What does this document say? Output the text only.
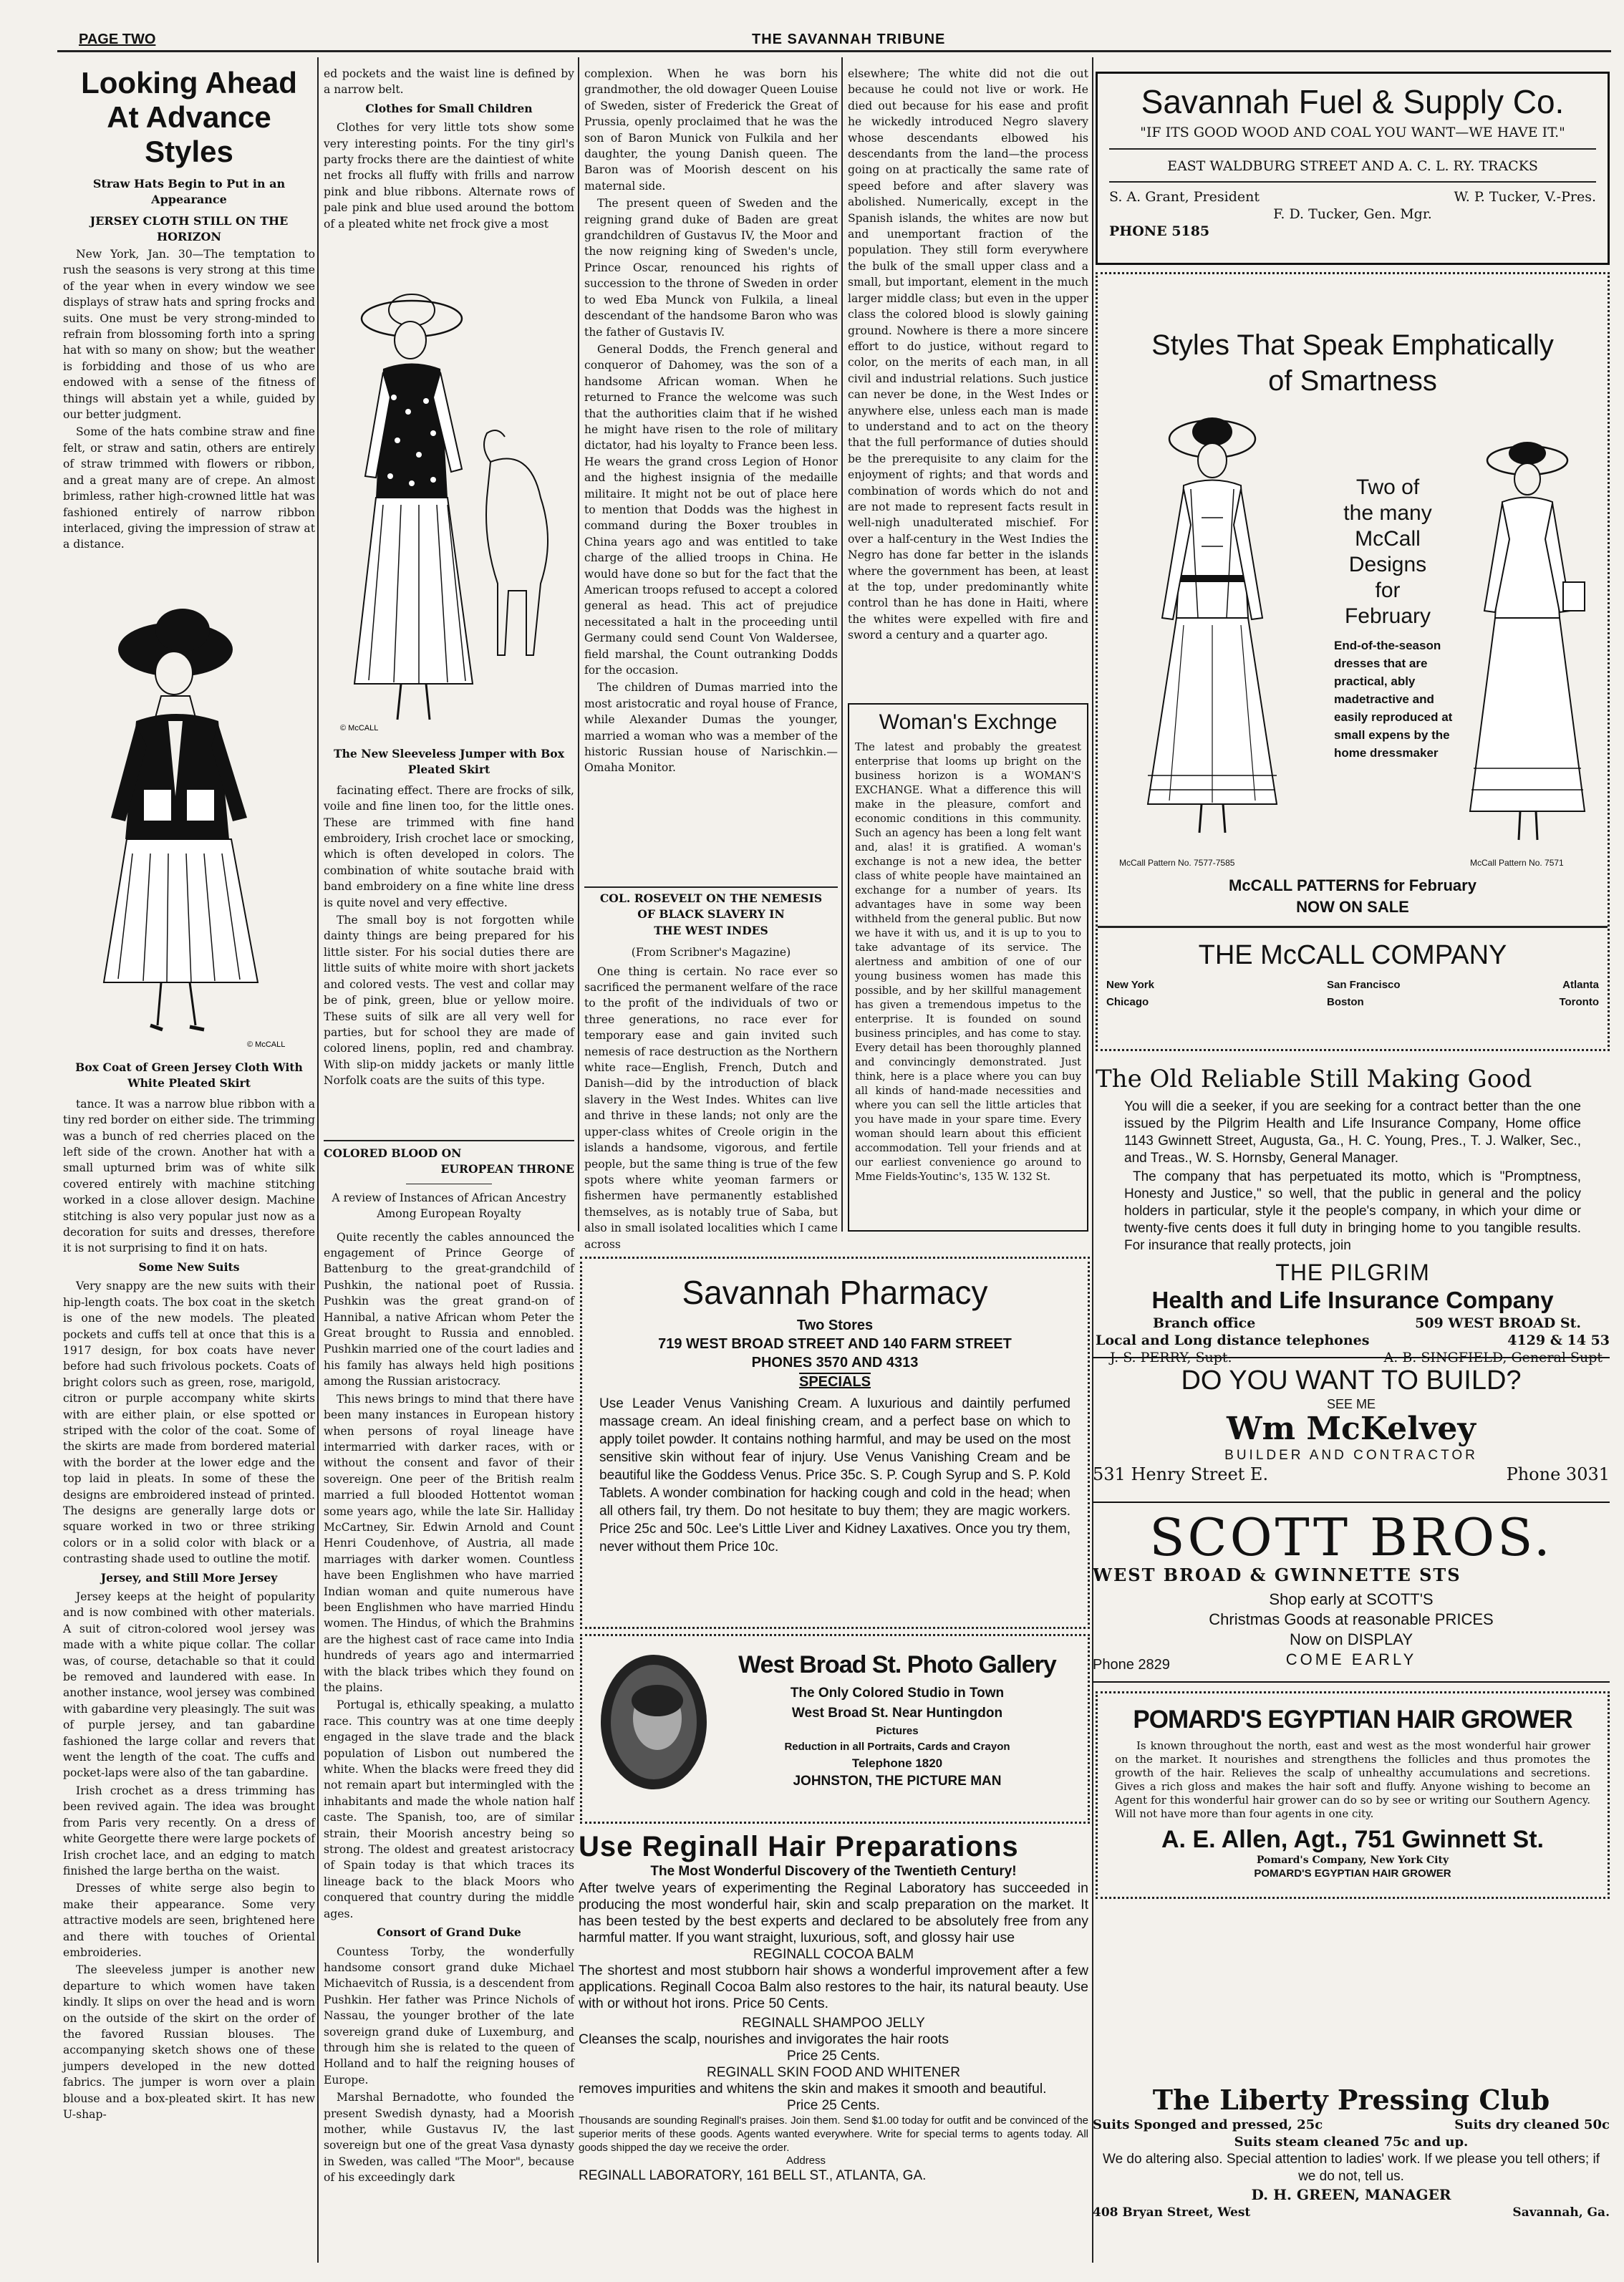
PAGE TWO	THE SAVANNAH TRIBUNE
Looking Ahead At Advance Styles
Straw Hats Begin to Put in an Appearance
JERSEY CLOTH STILL ON THE HORIZON

New York, Jan. 30—The temptation to rush the seasons is very strong at this time of the year when in every window we see displays of straw hats and spring frocks and suits. One must be very strong-minded to refrain from blossoming forth into a spring hat with so many on show; but the weather is forbidding and those of us who are endowed with a sense of the fitness of things will abstain yet a while, guided by our better judgment.

Some of the hats combine straw and fine felt, or straw and satin, others are entirely of straw trimmed with flowers or ribbon, and a great many are of crepe. An almost brimless, rather high-crowned little hat was fashioned entirely of narrow ribbon interlaced, giving the impression of straw at a distance.

© McCALL
Box Coat of Green Jersey Cloth With White Pleated Skirt

tance. It was a narrow blue ribbon with a tiny red border on either side. The trimming was a bunch of red cherries placed on the left side of the crown. Another hat with a small upturned brim was of white silk covered entirely with machine stitching worked in a close allover design. Machine stitching is also very popular just now as a decoration for suits and dresses, therefore it is not surprising to find it on hats.

Some New Suits

Very snappy are the new suits with their hip-length coats. The box coat in the sketch is one of the new models. The pleated pockets and cuffs tell at once that this is a 1917 design, for box coats have never before had such frivolous pockets. Coats of bright colors such as green, rose, marigold, citron or purple accompany white skirts with are either plain, or else spotted or striped with the color of the coat. Some of the skirts are made from bordered material with the border at the lower edge and the top laid in pleats. In some of these the designs are embroidered instead of printed. The designs are generally large dots or square worked in two or three striking colors or in a solid color with black or a contrasting shade used to outline the motif.

Jersey, and Still More Jersey

Jersey keeps at the height of popularity and is now combined with other materials. A suit of citron-colored wool jersey was made with a white pique collar. The collar was, of course, detachable so that it could be removed and laundered with ease. In another instance, wool jersey was combined with gabardine very pleasingly. The suit was of purple jersey, and tan gabardine fashioned the large collar and revers that went the length of the coat. The cuffs and pocket-laps were also of the tan gabardine.

Irish crochet as a dress trimming has been revived again. The idea was brought from Paris very recently. On a dress of white Georgette there were large pockets of Irish crochet lace, and an edging to match finished the large bertha on the waist.

Dresses of white serge also begin to make their appearance. Some very attractive models are seen, brightened here and there with touches of Oriental embroideries.

The sleeveless jumper is another new departure to which women have taken kindly. It slips on over the head and is worn on the outside of the skirt on the order of the favored Russian blouses. The accompanying sketch shows one of these jumpers developed in the new dotted fabrics. The jumper is worn over a plain blouse and a box-pleated skirt. It has new U-shap-

ed pockets and the waist line is defined by a narrow belt.

Clothes for Small Children

Clothes for very little tots show some very interesting points. For the tiny girl's party frocks there are the daintiest of white net frocks all fluffy with frills and narrow pink and blue ribbons. Alternate rows of pale pink and blue used around the bottom of a pleated white net frock give a most

© McCALL
The New Sleeveless Jumper with Box Pleated Skirt

facinating effect. There are frocks of silk, voile and fine linen too, for the little ones. These are trimmed with fine hand embroidery, Irish crochet lace or smocking, which is often developed in colors. The combination of white soutache braid with band embroidery on a fine white line dress is quite novel and very effective.

The small boy is not forgotten while dainty things are being prepared for his little sister. For his social duties there are little suits of white moire with short jackets and colored vests. The vest and collar may be of pink, green, blue or yellow moire. These suits of silk are all very well for parties, but for school they are made of colored linens, poplin, red and chambray. With slip-on middy jackets or manly little Norfolk coats are the suits of this type.

COLORED BLOOD ON
EUROPEAN THRONE
A review of Instances of African Ancestry Among European Royalty

Quite recently the cables announced the engagement of Prince George of Battenburg to the great-grandchild of Pushkin, the national poet of Russia. Pushkin was the great grand-on of Hannibal, a native African whom Peter the Great brought to Russia and ennobled. Pushkin married one of the court ladies and his family has always held high positions among the Russian aristocracy.

This news brings to mind that there have been many instances in European history when persons of royal lineage have intermarried with darker races, with or without the consent and favor of their sovereign. One peer of the British realm married a full blooded Hottentot woman some years ago, while the late Sir. Halliday McCartney, Sir. Edwin Arnold and Count Henri Coudenhove, of Austria, all made marriages with darker women. Countless have been Englishmen who have married Indian woman and quite numerous have been Englishmen who have married Hindu women. The Hindus, of which the Brahmins are the highest cast of race came into India hundreds of years ago and intermarried with the black tribes which they found on the plains.

Portugal is, ethically speaking, a mulatto race. This country was at one time deeply engaged in the slave trade and the black population of Lisbon out numbered the white. When the blacks were freed they did not remain apart but intermingled with the inhabitants and made the whole nation half caste. The Spanish, too, are of similar strain, their Moorish ancestry being so strong. The oldest and greatest aristocracy of Spain today is that which traces its lineage back to the black Moors who conquered that country during the middle ages.

Consort of Grand Duke

Countess Torby, the wonderfully handsome consort grand duke Michael Michaevitch of Russia, is a descendent from Pushkin. Her father was Prince Nichols of Nassau, the younger brother of the late sovereign grand duke of Luxemburg, and through him she is related to the queen of Holland and to half the reigning houses of Europe.

Marshal Bernadotte, who founded the present Swedish dynasty, had a Moorish mother, while Gustavus IV, the last sovereign but one of the great Vasa dynasty in Sweden, was called "The Moor", because of his exceedingly dark

complexion. When he was born his grandmother, the old dowager Queen Louise of Sweden, sister of Frederick the Great of Prussia, openly proclaimed that he was the son of Baron Munick von Fulkila and her daughter, the young Danish queen. The Baron was of Moorish descent on his maternal side.

The present queen of Sweden and the reigning grand duke of Baden are great grandchildren of Gustavus IV, the Moor and the now reigning king of Sweden's uncle, Prince Oscar, renounced his rights of succession to the throne of Sweden in order to wed Eba Munck von Fulkila, a lineal descendant of the handsome Baron who was the father of Gustavis IV.

General Dodds, the French general and conqueror of Dahomey, was the son of a handsome African woman. When he returned to France the welcome was such that the authorities claim that if he wished he might have risen to the role of military dictator, had his loyalty to France been less. He wears the grand cross Legion of Honor and the highest insignia of the medaille militaire. It might not be out of place here to mention that Dodds was the highest in command during the Boxer troubles in China years ago and was entitled to take charge of the allied troops in China. He would have done so but for the fact that the American troops refused to accept a colored general as head. This act of prejudice necessitated a halt in the proceeding until Germany could send Count Von Waldersee, field marshal, the Count outranking Dodds for the occasion.

The children of Dumas married into the most aristocratic and royal house of France, while Alexander Dumas the younger, married a woman who was a member of the historic Russian house of Narischkin.—Omaha Monitor.

COL. ROSEVELT ON THE NEMESIS
OF BLACK SLAVERY IN
THE WEST INDES
(From Scribner's Magazine)

One thing is certain. No race ever so sacrificed the permanent welfare of the race to the profit of the individuals of two or three generations, no race ever for temporary ease and gain invited such nemesis of race destruction as the Northern white race—English, French, Dutch and Danish—did by the introduction of black slavery in the West Indes. Whites can live and thrive in these lands; not only are the upper-class whites of Creole origin in the islands a handsome, vigorous, and fertile people, but the same thing is true of the few spots where white yeoman farmers or fishermen have permanently established themselves, as is notably true of Saba, but also in small isolated localities which I came across

elsewhere; The white did not die out because he could not live or work. He died out because for his ease and profit he wickedly introduced Negro slavery whose descendants elbowed his descendants from the land—the process going on at practically the same rate of speed before and after slavery was abolished. Numerically, except in the Spanish islands, the whites are now but and unemportant fraction of the population. They still form everywhere the bulk of the small upper class and a small, but important, element in the much larger middle class; but even in the upper class the colored blood is slowly gaining ground. Nowhere is there a more sincere effort to do justice, without regard to color, on the merits of each man, in all civil and industrial relations. Such justice can never be done, in the West Indes or anywhere else, unless each man is made to understand and to act on the theory that the full performance of duties should be the prerequisite to any claim for the enjoyment of rights; and that words and combination of words which do not and are not made to represent facts result in well-nigh unadulterated mischief. For over a half-century in the West Indies the Negro has done far better in the islands where the government has been, at least at the top, under predominantly white control than he has done in Haiti, where the whites were expelled with fire and sword a century and a quarter ago.

Woman's Exchnge
The latest and probably the greatest enterprise that looms up bright on the business horizon is a WOMAN'S EXCHANGE. What a difference this will make in the pleasure, comfort and economic conditions in this community. Such an agency has been a long felt want and, alas! it is gratified. A woman's exchange is not a new idea, the better class of white people have maintained an exchange for a number of years. Its advantages have in some way been withheld from the general public. But now we have it with us, and it is up to you to take advantage of its service. The alertness and ambition of one of our young business women has made this possible, and by her skillful management has given a tremendous impetus to the enterprise. It is founded on sound business principles, and has come to stay. Every detail has been thoroughly planned and convincingly demonstrated. Just think, here is a place where you can buy all kinds of hand-made necessities and where you can sell the little articles that you have made in your spare time. Every woman should learn about this efficient accommodation. Tell your friends and at our earliest convenience go around to Mme Fields-Youtinc's, 135 W. 132 St.
Savannah Pharmacy
Two Stores
719 WEST BROAD STREET AND 140 FARM STREET
PHONES 3570 AND 4313
SPECIALS
Use Leader Venus Vanishing Cream. A luxurious and daintily perfumed massage cream. An ideal finishing cream, and a perfect base on which to apply toilet powder. It contains nothing harmful, and may be used on the most sensitive skin without fear of injury. Use Venus Vanishing Cream and be beautiful like the Goddess Venus. Price 35c. S. P. Cough Syrup and S. P. Kold Tablets. A wonder combination for hacking cough and cold in the head; when all others fail, try them. Do not hesitate to buy them; they are magic workers. Price 25c and 50c. Lee's Little Liver and Kidney Laxatives. Once you try them, never without them Price 10c.
West Broad St. Photo Gallery
The Only Colored Studio in Town
West Broad St. Near Huntingdon
Pictures
Reduction in all Portraits, Cards and Crayon
Telephone 1820
JOHNSTON, THE PICTURE MAN
Use Reginall Hair Preparations
The Most Wonderful Discovery of the Twentieth Century!
After twelve years of experimenting the Reginal Laboratory has succeeded in producing the most wonderful hair, skin and scalp preparation on the market. It has been tested by the best experts and declared to be absolutely free from any harmful matter. If you want straight, luxurious, soft, and glossy hair use
REGINALL COCOA BALM
The shortest and most stubborn hair shows a wonderful improvement after a few applications. Reginall Cocoa Balm also restores to the hair, its natural beauty. Use with or without hot irons. Price 50 Cents.
REGINALL SHAMPOO JELLY
Cleanses the scalp, nourishes and invigorates the hair roots
Price 25 Cents.
REGINALL SKIN FOOD AND WHITENER
removes impurities and whitens the skin and makes it smooth and beautiful.
Price 25 Cents.
Thousands are sounding Reginall's praises. Join them. Send $1.00 today for outfit and be convinced of the superior merits of these goods. Agents wanted everywhere. Write for special terms to agents today. All goods shipped the day we receive the order.
Address
REGINALL LABORATORY, 161 BELL ST., ATLANTA, GA.
Savannah Fuel & Supply Co.
"IF ITS GOOD WOOD AND COAL YOU WANT—WE HAVE IT."
EAST WALDBURG STREET AND A. C. L. RY. TRACKS
S. A. Grant, President	W. P. Tucker, V.-Pres.
F. D. Tucker, Gen. Mgr.
PHONE 5185
Styles That Speak Emphatically
of Smartness
Two of
the many
McCall
Designs
for
February
End-of-the-season dresses that are practical, ably madetractive and easily reproduced at small expens by the home dressmaker
McCall Pattern No. 7577-7585	McCall Pattern No. 7571
McCALL PATTERNS for February
NOW ON SALE
THE McCALL COMPANY
New York	San Francisco	Atlanta
Chicago	Boston	Toronto
The Old Reliable Still Making Good
You will die a seeker, if you are seeking for a contract better than the one issued by the Pilgrim Health and Life Insurance Company, Home office 1143 Gwinnett Street, Augusta, Ga., H. C. Young, Pres., T. J. Walker, Sec., and Treas., W. S. Hornsby, General Manager.
The company that has perpetuated its motto, which is "Promptness, Honesty and Justice," so well, that the public in general and the policy holders in particular, style it the people's company, in which your dime or twenty-five cents does it full duty in bringing home to you tangible results. For insurance that really protects, join
THE PILGRIM
Health and Life Insurance Company
Branch office	509 WEST BROAD St.
Local and Long distance telephones	4129 & 14 53
J. S. PERRY, Supt.	A. B. SINGFIELD, General Supt
DO YOU WANT TO BUILD?
SEE ME
Wm McKelvey
BUILDER AND CONTRACTOR
531 Henry Street E.	Phone 3031
SCOTT BROS.
WEST BROAD & GWINNETTE STS
Shop early at SCOTT'S
Christmas Goods at reasonable PRICES
Now on DISPLAY
COME EARLY
Phone 2829
POMARD'S EGYPTIAN HAIR GROWER
Is known throughout the north, east and west as the most wonderful hair grower on the market. It nourishes and strengthens the follicles and thus promotes the growth of the hair. Relieves the scalp of unhealthy accumulations and secretions. Gives a rich gloss and makes the hair soft and fluffy. Anyone wishing to become an Agent for this wonderful hair grower can do so by see or writing our Southern Agency. Will not have more than four agents in one city.
A. E. Allen, Agt., 751 Gwinnett St.
Pomard's Company, New York City
POMARD'S EGYPTIAN HAIR GROWER
The Liberty Pressing Club
Suits Sponged and pressed, 25c	Suits dry cleaned 50c
Suits steam cleaned 75c and up.
We do altering also. Special attention to ladies' work. If we please you tell others; if we do not, tell us.
D. H. GREEN, MANAGER
408 Bryan Street, West	Savannah, Ga.
